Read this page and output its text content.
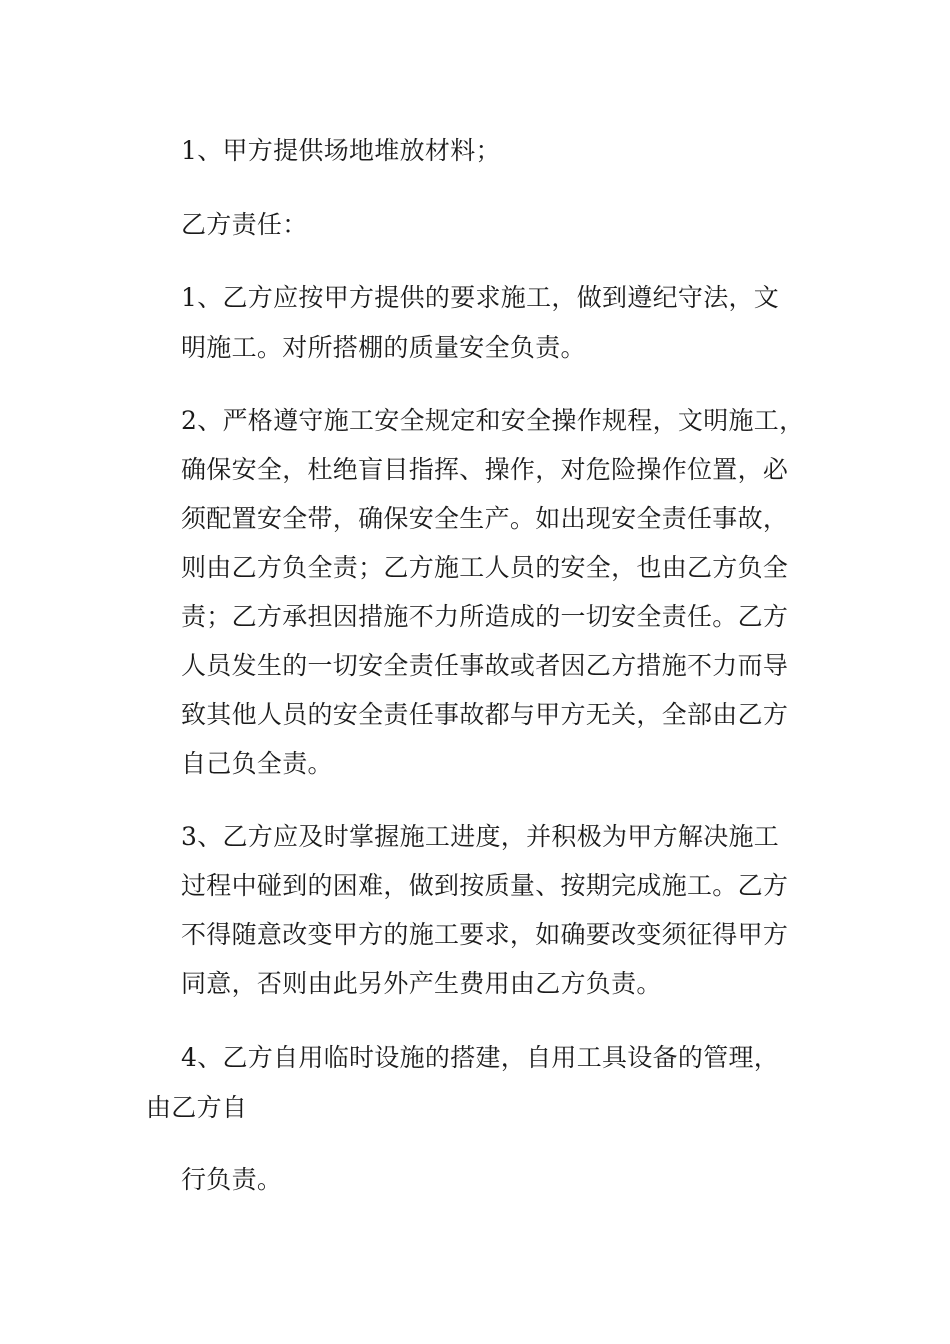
1、甲方提供场地堆放材料；
乙方责任：
1、乙方应按甲方提供的要求施工，做到遵纪守法，文
明施工。对所搭棚的质量安全负责。
2、严格遵守施工安全规定和安全操作规程，文明施工，
确保安全，杜绝盲目指挥、操作，对危险操作位置，必
须配置安全带，确保安全生产。如出现安全责任事故，
则由乙方负全责；乙方施工人员的安全，也由乙方负全
责；乙方承担因措施不力所造成的一切安全责任。乙方
人员发生的一切安全责任事故或者因乙方措施不力而导
致其他人员的安全责任事故都与甲方无关，全部由乙方
自己负全责。
3、乙方应及时掌握施工进度，并积极为甲方解决施工
过程中碰到的困难，做到按质量、按期完成施工。乙方
不得随意改变甲方的施工要求，如确要改变须征得甲方
同意，否则由此另外产生费用由乙方负责。
4、乙方自用临时设施的搭建，自用工具设备的管理，
由乙方自
行负责。
